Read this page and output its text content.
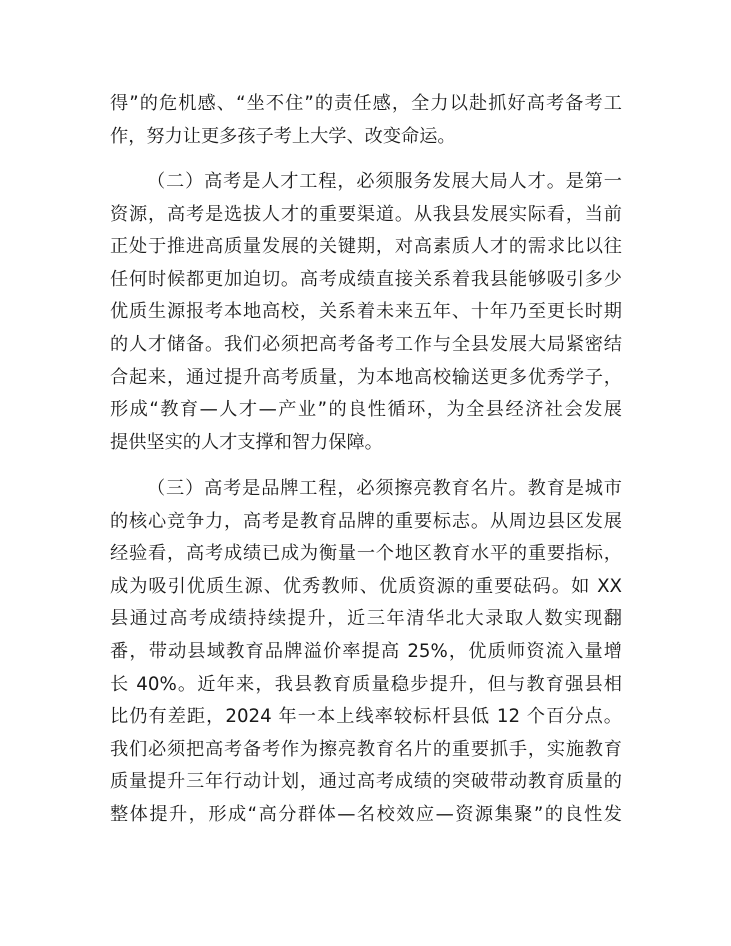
得”的危机感、“坐不住”的责任感，全力以赴抓好高考备考工
作，努力让更多孩子考上大学、改变命运。
（二）高考是人才工程，必须服务发展大局人才。是第一
资源，高考是选拔人才的重要渠道。从我县发展实际看，当前
正处于推进高质量发展的关键期，对高素质人才的需求比以往
任何时候都更加迫切。高考成绩直接关系着我县能够吸引多少
优质生源报考本地高校，关系着未来五年、十年乃至更长时期
的人才储备。我们必须把高考备考工作与全县发展大局紧密结
合起来，通过提升高考质量，为本地高校输送更多优秀学子，
形成“教育—人才—产业”的良性循环，为全县经济社会发展
提供坚实的人才支撑和智力保障。
（三）高考是品牌工程，必须擦亮教育名片。教育是城市
的核心竞争力，高考是教育品牌的重要标志。从周边县区发展
经验看，高考成绩已成为衡量一个地区教育水平的重要指标，
成为吸引优质生源、优秀教师、优质资源的重要砝码。如 XX
县通过高考成绩持续提升，近三年清华北大录取人数实现翻
番，带动县域教育品牌溢价率提高 25%，优质师资流入量增
长 40%。近年来，我县教育质量稳步提升，但与教育强县相
比仍有差距，2024 年一本上线率较标杆县低 12 个百分点。
我们必须把高考备考作为擦亮教育名片的重要抓手，实施教育
质量提升三年行动计划，通过高考成绩的突破带动教育质量的
整体提升，形成“高分群体—名校效应—资源集聚”的良性发
